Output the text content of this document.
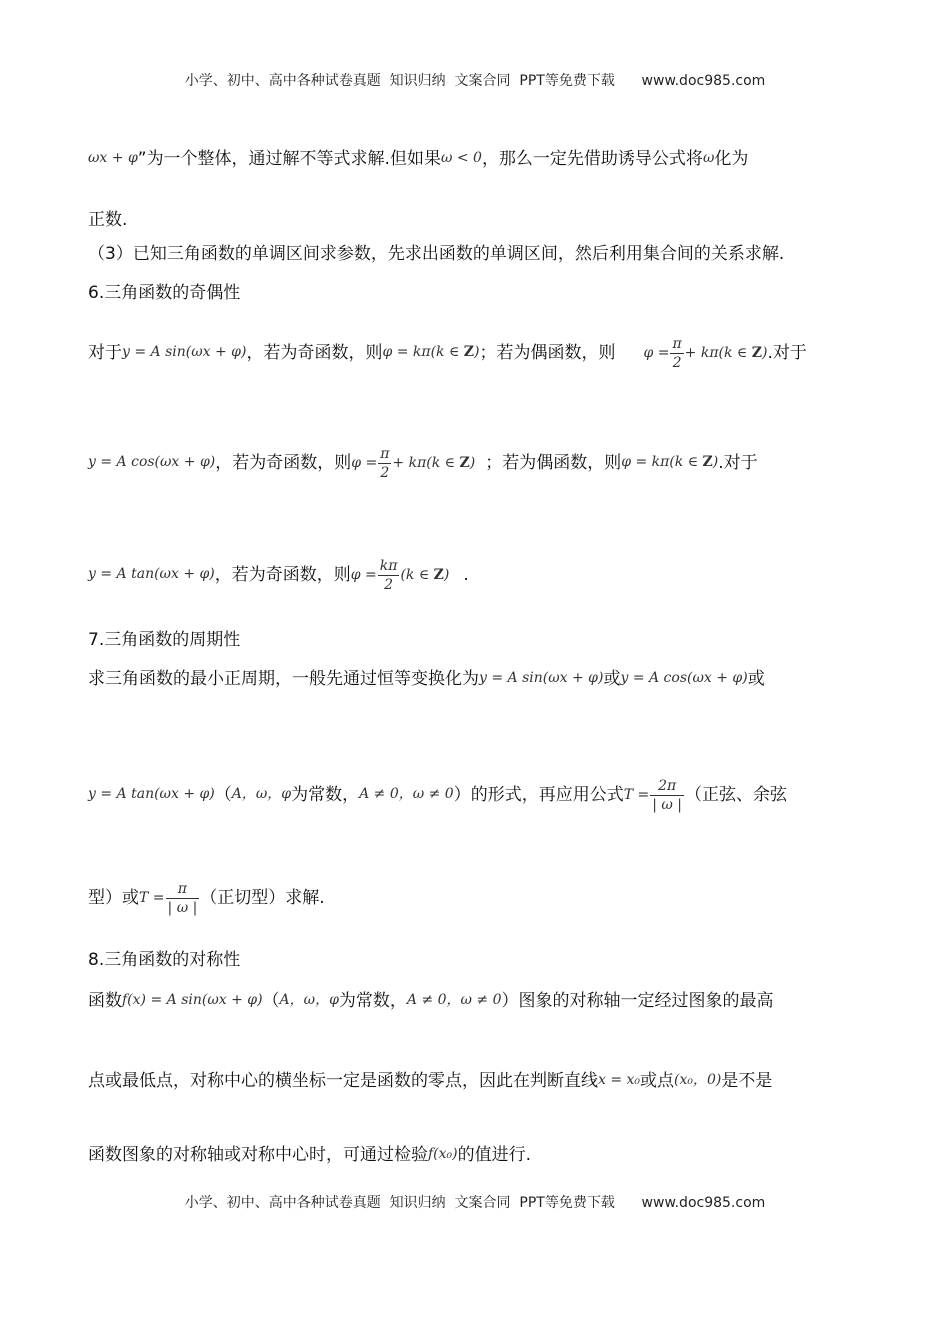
小学、初中、高中各种试卷真题  知识归纳  文案合同  PPT等免费下载      www.doc985.com
ωx + φ”为一个整体，通过解不等式求解.但如果ω < 0，那么一定先借助诱导公式将ω化为
正数.
（3）已知三角函数的单调区间求参数，先求出函数的单调区间，然后利用集合间的关系求解.
6.三角函数的奇偶性
对于y = A sin(ωx + φ)，若为奇函数，则φ = kπ(k ∈ Z)；若为偶函数，则 $\varphi = \frac{\pi}{2} + k\pi(k$ ∈ Z).对于
y = A cos(ωx + φ)，若为奇函数，则$\varphi = \frac{\pi}{2} + k\pi(k$ ∈ Z) ；若为偶函数，则φ = kπ(k ∈ Z).对于
y = A tan(ωx + φ)，若为奇函数，则$\varphi = \frac{k\pi}{2} (k$ ∈ Z) .
7.三角函数的周期性
求三角函数的最小正周期，一般先通过恒等变换化为y = A sin(ωx + φ)或y = A cos(ωx + φ)或
y = A tan(ωx + φ)（A，ω，φ为常数，A ≠ 0，ω ≠ 0）的形式，再应用公式$T = \frac{2\pi}{| \omega |}$ （正弦、余弦
型）或$T = \frac{\pi}{| \omega |}$ （正切型）求解.
8.三角函数的对称性
函数f(x) = A sin(ωx + φ)（A，ω，φ为常数，A ≠ 0，ω ≠ 0）图象的对称轴一定经过图象的最高
点或最低点，对称中心的横坐标一定是函数的零点，因此在判断直线x = x₀或点(x₀，0)是不是
函数图象的对称轴或对称中心时，可通过检验f(x₀)的值进行.
小学、初中、高中各种试卷真题  知识归纳  文案合同  PPT等免费下载      www.doc985.com
